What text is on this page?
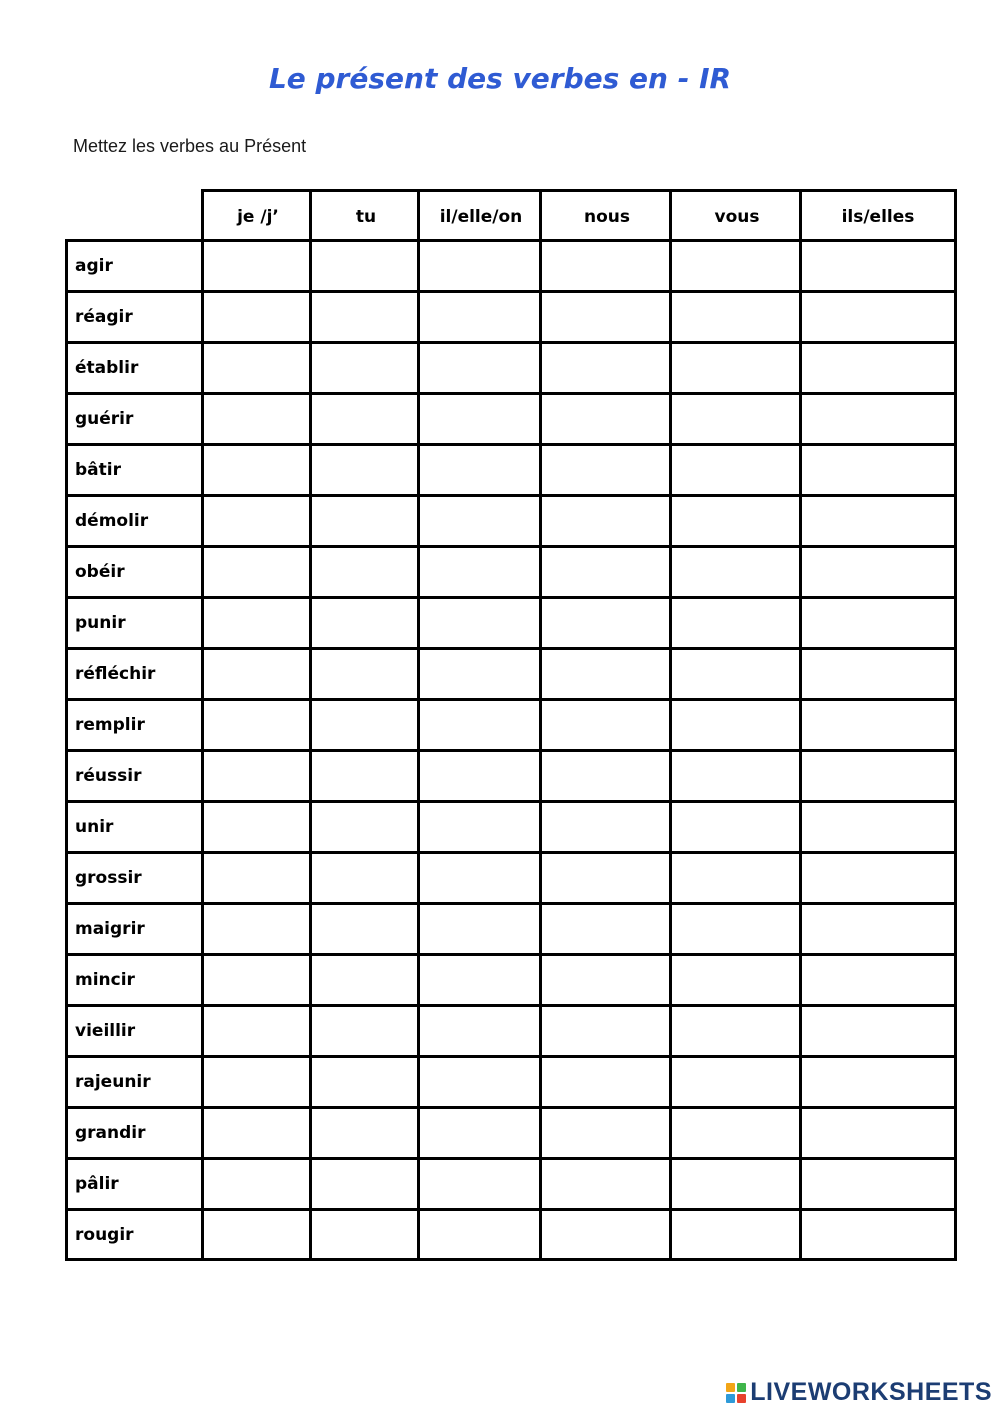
Le présent des verbes en - IR
Mettez les verbes au Présent
je /j’	tu	il/elle/on	nous	vous	ils/elles
agir
réagir
établir
guérir
bâtir
démolir
obéir
punir
réfléchir
remplir
réussir
unir
grossir
maigrir
mincir
vieillir
rajeunir
grandir
pâlir
rougir
LIVEWORKSHEETS
